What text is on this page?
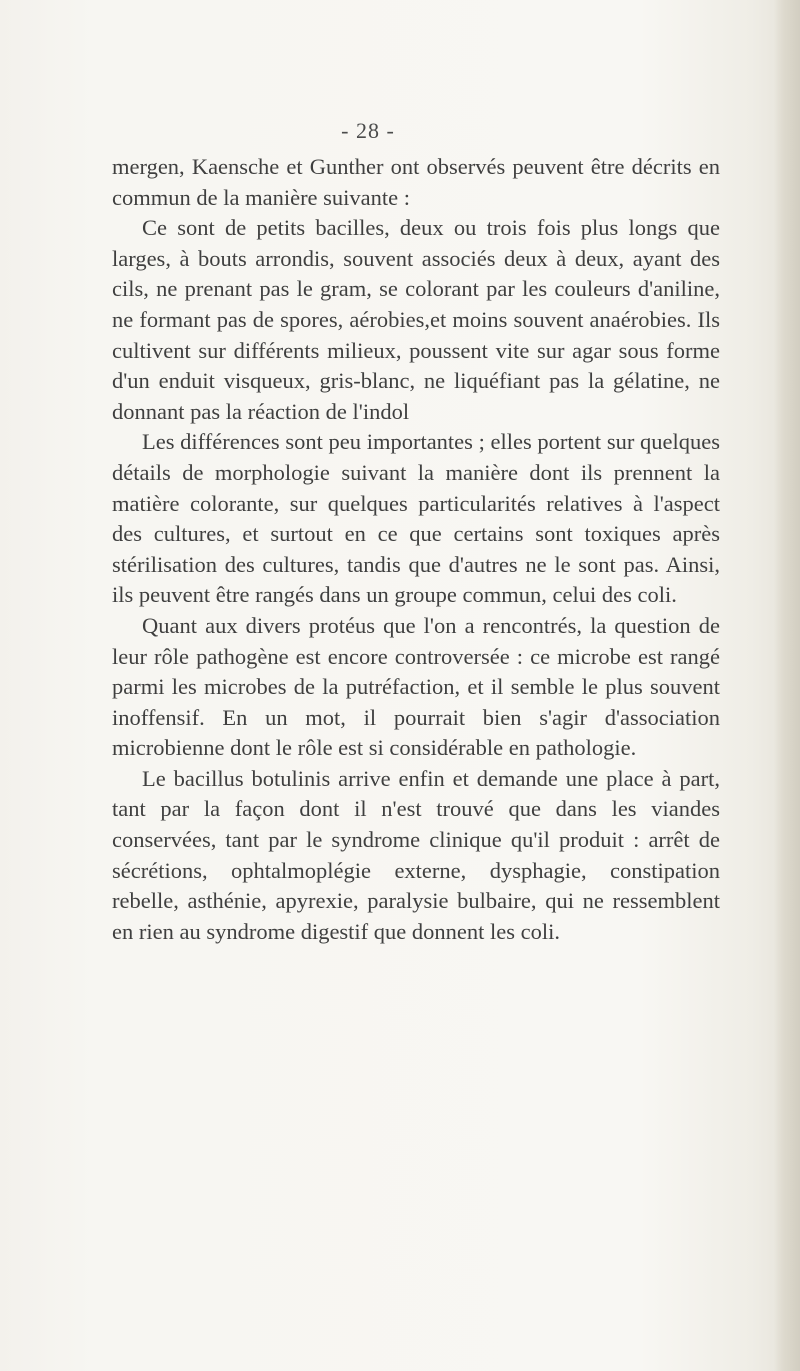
- 28 -

mergen, Kaensche et Gunther ont observés peuvent être décrits en commun de la manière suivante :

Ce sont de petits bacilles, deux ou trois fois plus longs que larges, à bouts arrondis, souvent associés deux à deux, ayant des cils, ne prenant pas le gram, se colorant par les couleurs d'aniline, ne formant pas de spores, aérobies,et moins souvent anaérobies. Ils cultivent sur différents milieux, poussent vite sur agar sous forme d'un enduit visqueux, gris-blanc, ne liquéfiant pas la gélatine, ne donnant pas la réaction de l'indol

Les différences sont peu importantes ; elles portent sur quelques détails de morphologie suivant la manière dont ils prennent la matière colorante, sur quelques particularités relatives à l'aspect des cultures, et surtout en ce que certains sont toxiques après stérilisation des cultures, tandis que d'autres ne le sont pas. Ainsi, ils peuvent être rangés dans un groupe commun, celui des coli.

Quant aux divers protéus que l'on a rencontrés, la question de leur rôle pathogène est encore controversée : ce microbe est rangé parmi les microbes de la putréfaction, et il semble le plus souvent inoffensif. En un mot, il pourrait bien s'agir d'association microbienne dont le rôle est si considérable en pathologie.

Le bacillus botulinis arrive enfin et demande une place à part, tant par la façon dont il n'est trouvé que dans les viandes conservées, tant par le syndrome clinique qu'il produit : arrêt de sécrétions, ophtalmoplégie externe, dysphagie, constipation rebelle, asthénie, apyrexie, paralysie bulbaire, qui ne ressemblent en rien au syndrome digestif que donnent les coli.
